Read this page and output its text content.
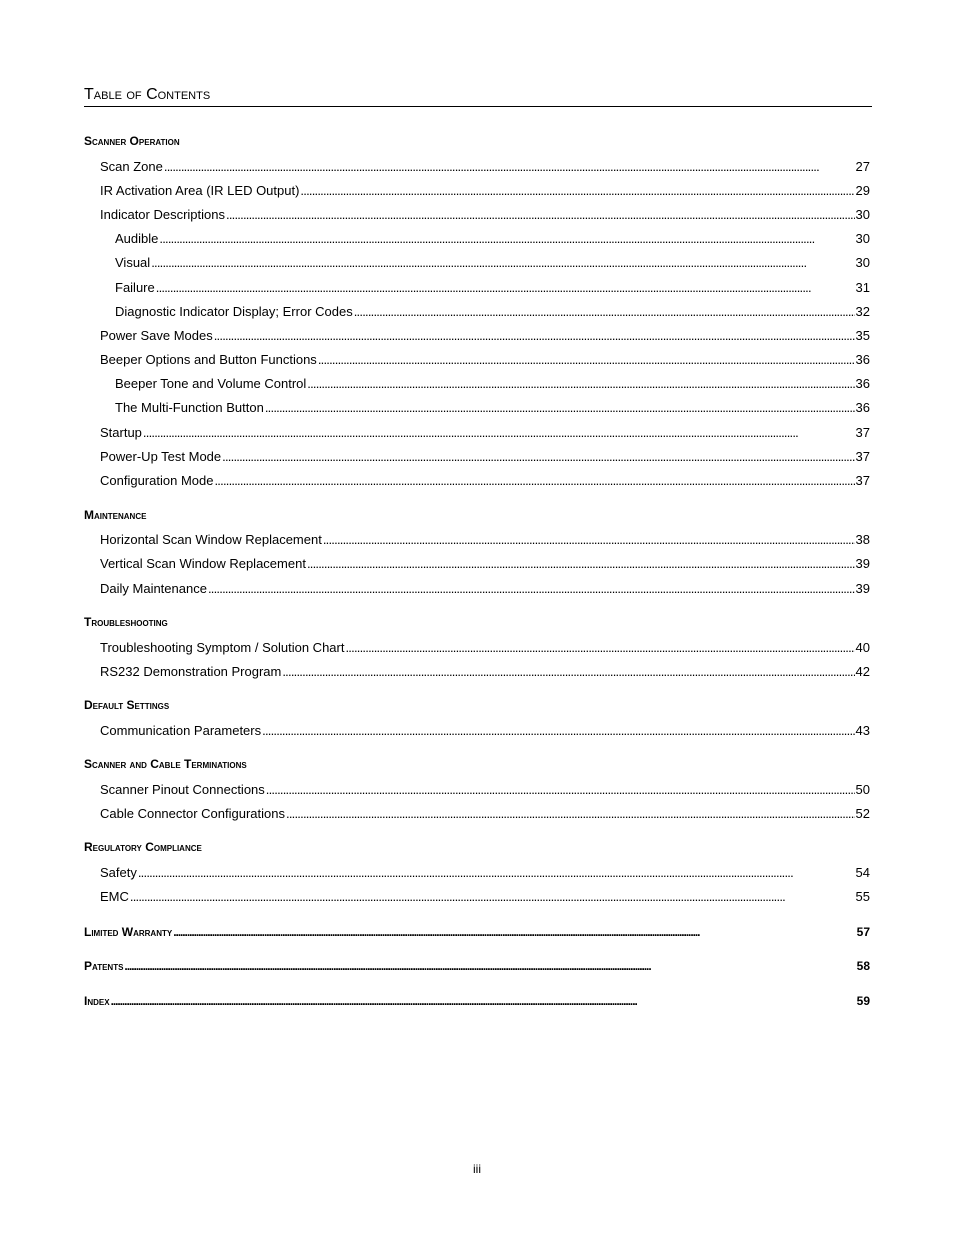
Table of Contents
Scanner Operation
Scan Zone . . .	27
IR Activation Area (IR LED Output) . . .	29
Indicator Descriptions . . .	30
Audible . . .	30
Visual . . .	30
Failure . . .	31
Diagnostic Indicator Display; Error Codes . . .	32
Power Save Modes . . .	35
Beeper Options and Button Functions . . .	36
Beeper Tone and Volume Control . . .	36
The Multi-Function Button . . .	36
Startup . . .	37
Power-Up Test Mode . . .	37
Configuration Mode . . .	37
Maintenance
Horizontal Scan Window Replacement . . .	38
Vertical Scan Window Replacement . . .	39
Daily Maintenance . . .	39
Troubleshooting
Troubleshooting Symptom / Solution Chart . . .	40
RS232 Demonstration Program . . .	42
Default Settings
Communication Parameters . . .	43
Scanner and Cable Terminations
Scanner Pinout Connections . . .	50
Cable Connector Configurations . . .	52
Regulatory Compliance
Safety . . .	54
EMC . . .	55
Limited Warranty . . .	57
Patents . . .	58
Index . . .	59
iii
